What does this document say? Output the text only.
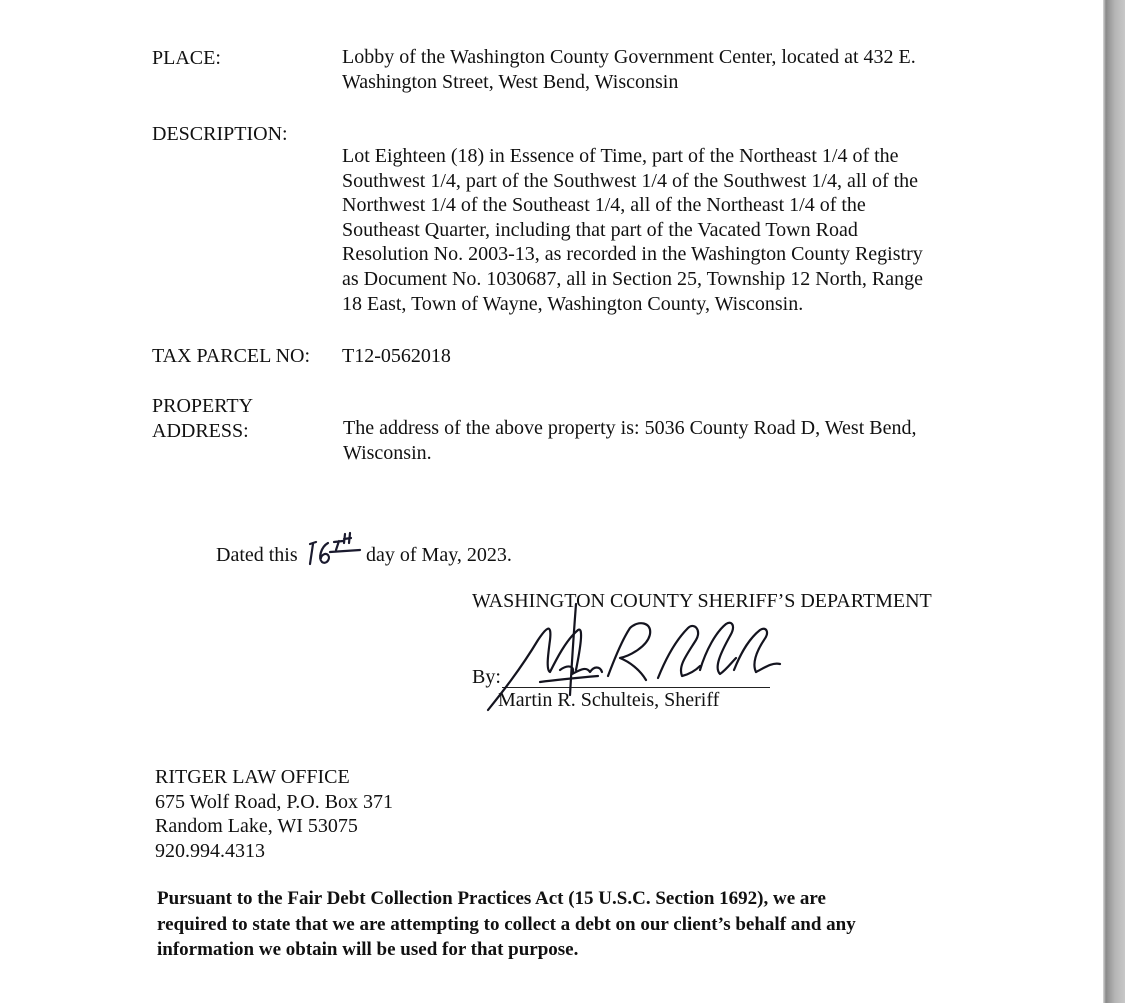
PLACE:	Lobby of the Washington County Government Center, located at 432 E.
Washington Street, West Bend, Wisconsin
DESCRIPTION:
Lot Eighteen (18) in Essence of Time, part of the Northeast 1/4 of the
Southwest 1/4, part of the Southwest 1/4 of the Southwest 1/4, all of the
Northwest 1/4 of the Southeast 1/4, all of the Northeast 1/4 of the
Southeast Quarter, including that part of the Vacated Town Road
Resolution No. 2003-13, as recorded in the Washington County Registry
as Document No. 1030687, all in Section 25, Township 12 North, Range
18 East, Town of Wayne, Washington County, Wisconsin.
TAX PARCEL NO: T12-0562018
PROPERTY
ADDRESS:	The address of the above property is: 5036 County Road D, West Bend,
Wisconsin.
Dated this	day of May, 2023.
WASHINGTON COUNTY SHERIFF’S DEPARTMENT
By:
Martin R. Schulteis, Sheriff
RITGER LAW OFFICE
675 Wolf Road, P.O. Box 371
Random Lake, WI 53075
920.994.4313
Pursuant to the Fair Debt Collection Practices Act (15 U.S.C. Section 1692), we are
required to state that we are attempting to collect a debt on our client’s behalf and any
information we obtain will be used for that purpose.
